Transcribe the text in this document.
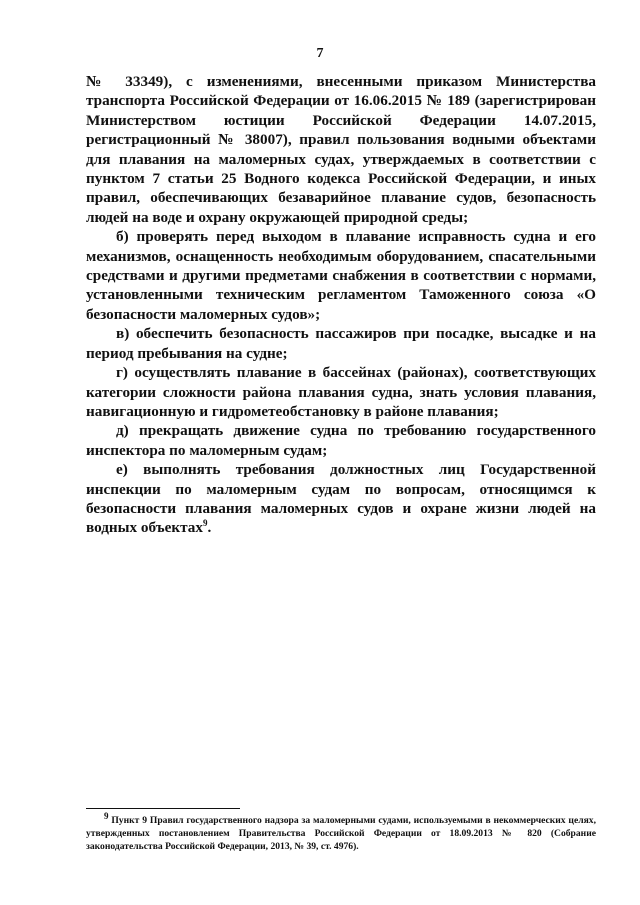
7

№ 33349), с изменениями, внесенными приказом Министерства транспорта Российской Федерации от 16.06.2015 № 189 (зарегистрирован Министерством юстиции Российской Федерации 14.07.2015, регистрационный № 38007), правил пользования водными объектами для плавания на маломерных судах, утверждаемых в соответствии с пунктом 7 статьи 25 Водного кодекса Российской Федерации, и иных правил, обеспечивающих безаварийное плавание судов, безопасность людей на воде и охрану окружающей природной среды;

б) проверять перед выходом в плавание исправность судна и его механизмов, оснащенность необходимым оборудованием, спасательными средствами и другими предметами снабжения в соответствии с нормами, установленными техническим регламентом Таможенного союза «О безопасности маломерных судов»;

в) обеспечить безопасность пассажиров при посадке, высадке и на период пребывания на судне;

г) осуществлять плавание в бассейнах (районах), соответствующих категории сложности района плавания судна, знать условия плавания, навигационную и гидрометеобстановку в районе плавания;

д) прекращать движение судна по требованию государственного инспектора по маломерным судам;

е) выполнять требования должностных лиц Государственной инспекции по маломерным судам по вопросам, относящимся к безопасности плавания маломерных судов и охране жизни людей на водных объектах$^9$.

$^9$ Пункт 9 Правил государственного надзора за маломерными судами, используемыми в некоммерческих целях, утвержденных постановлением Правительства Российской Федерации от 18.09.2013 № 820 (Собрание законодательства Российской Федерации, 2013, № 39, ст. 4976).
